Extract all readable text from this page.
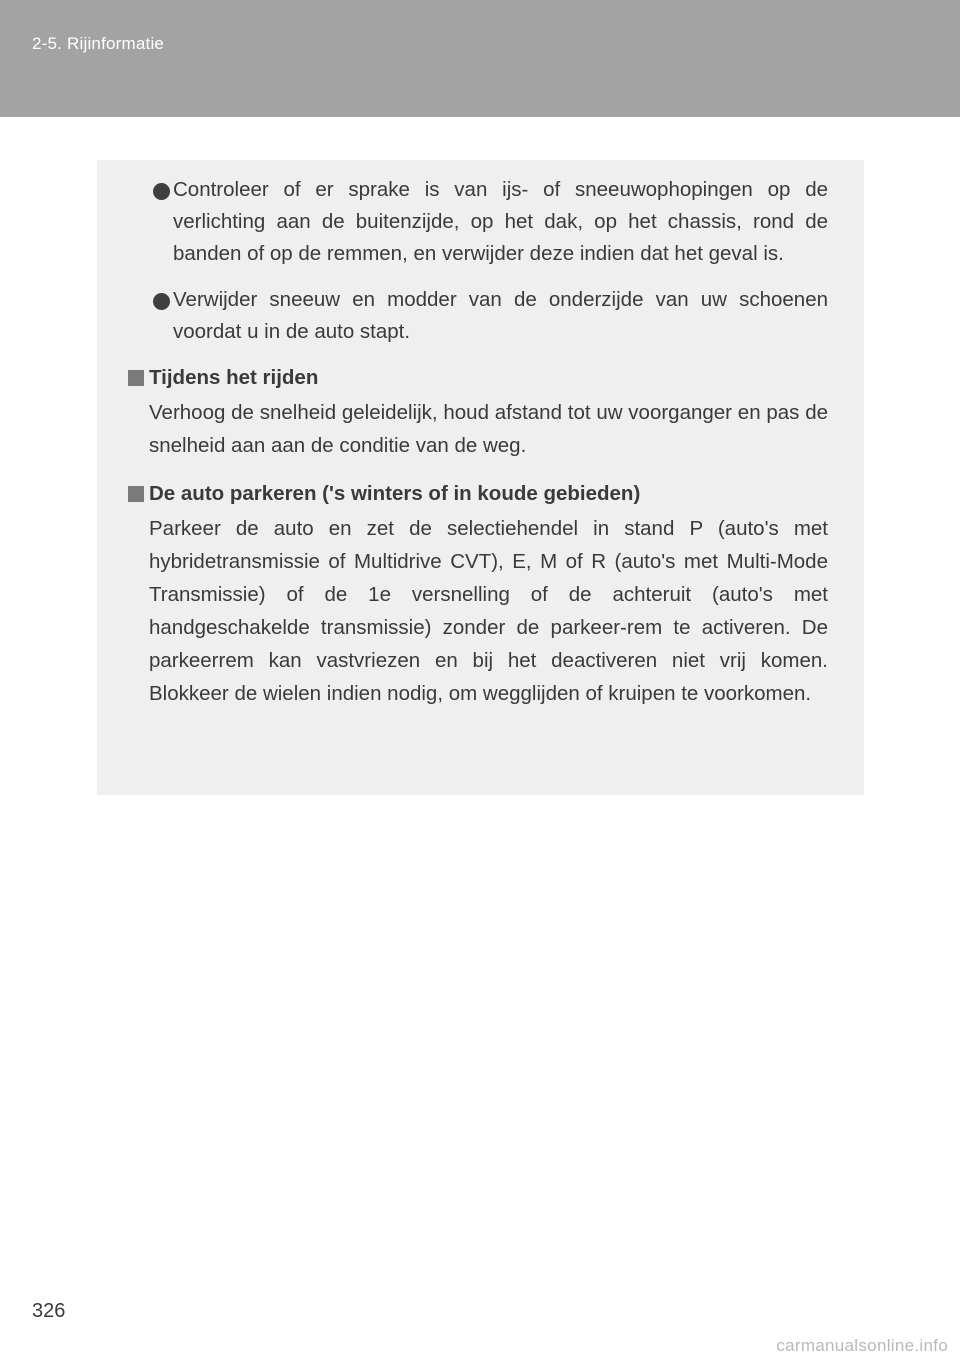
2-5. Rijinformatie
Controleer of er sprake is van ijs- of sneeuwophopingen op de verlichting aan de buitenzijde, op het dak, op het chassis, rond de banden of op de remmen, en verwijder deze indien dat het geval is.
Verwijder sneeuw en modder van de onderzijde van uw schoenen voordat u in de auto stapt.
Tijdens het rijden
Verhoog de snelheid geleidelijk, houd afstand tot uw voorganger en pas de snelheid aan aan de conditie van de weg.
De auto parkeren ('s winters of in koude gebieden)
Parkeer de auto en zet de selectiehendel in stand P (auto's met hybridetransmissie of Multidrive CVT), E, M of R (auto's met Multi-Mode Transmissie) of de 1e versnelling of de achteruit (auto's met handgeschakelde transmissie) zonder de parkeer-rem te activeren. De parkeerrem kan vastvriezen en bij het deactiveren niet vrij komen. Blokkeer de wielen indien nodig, om wegglijden of kruipen te voorkomen.
326
carmanualsonline.info
